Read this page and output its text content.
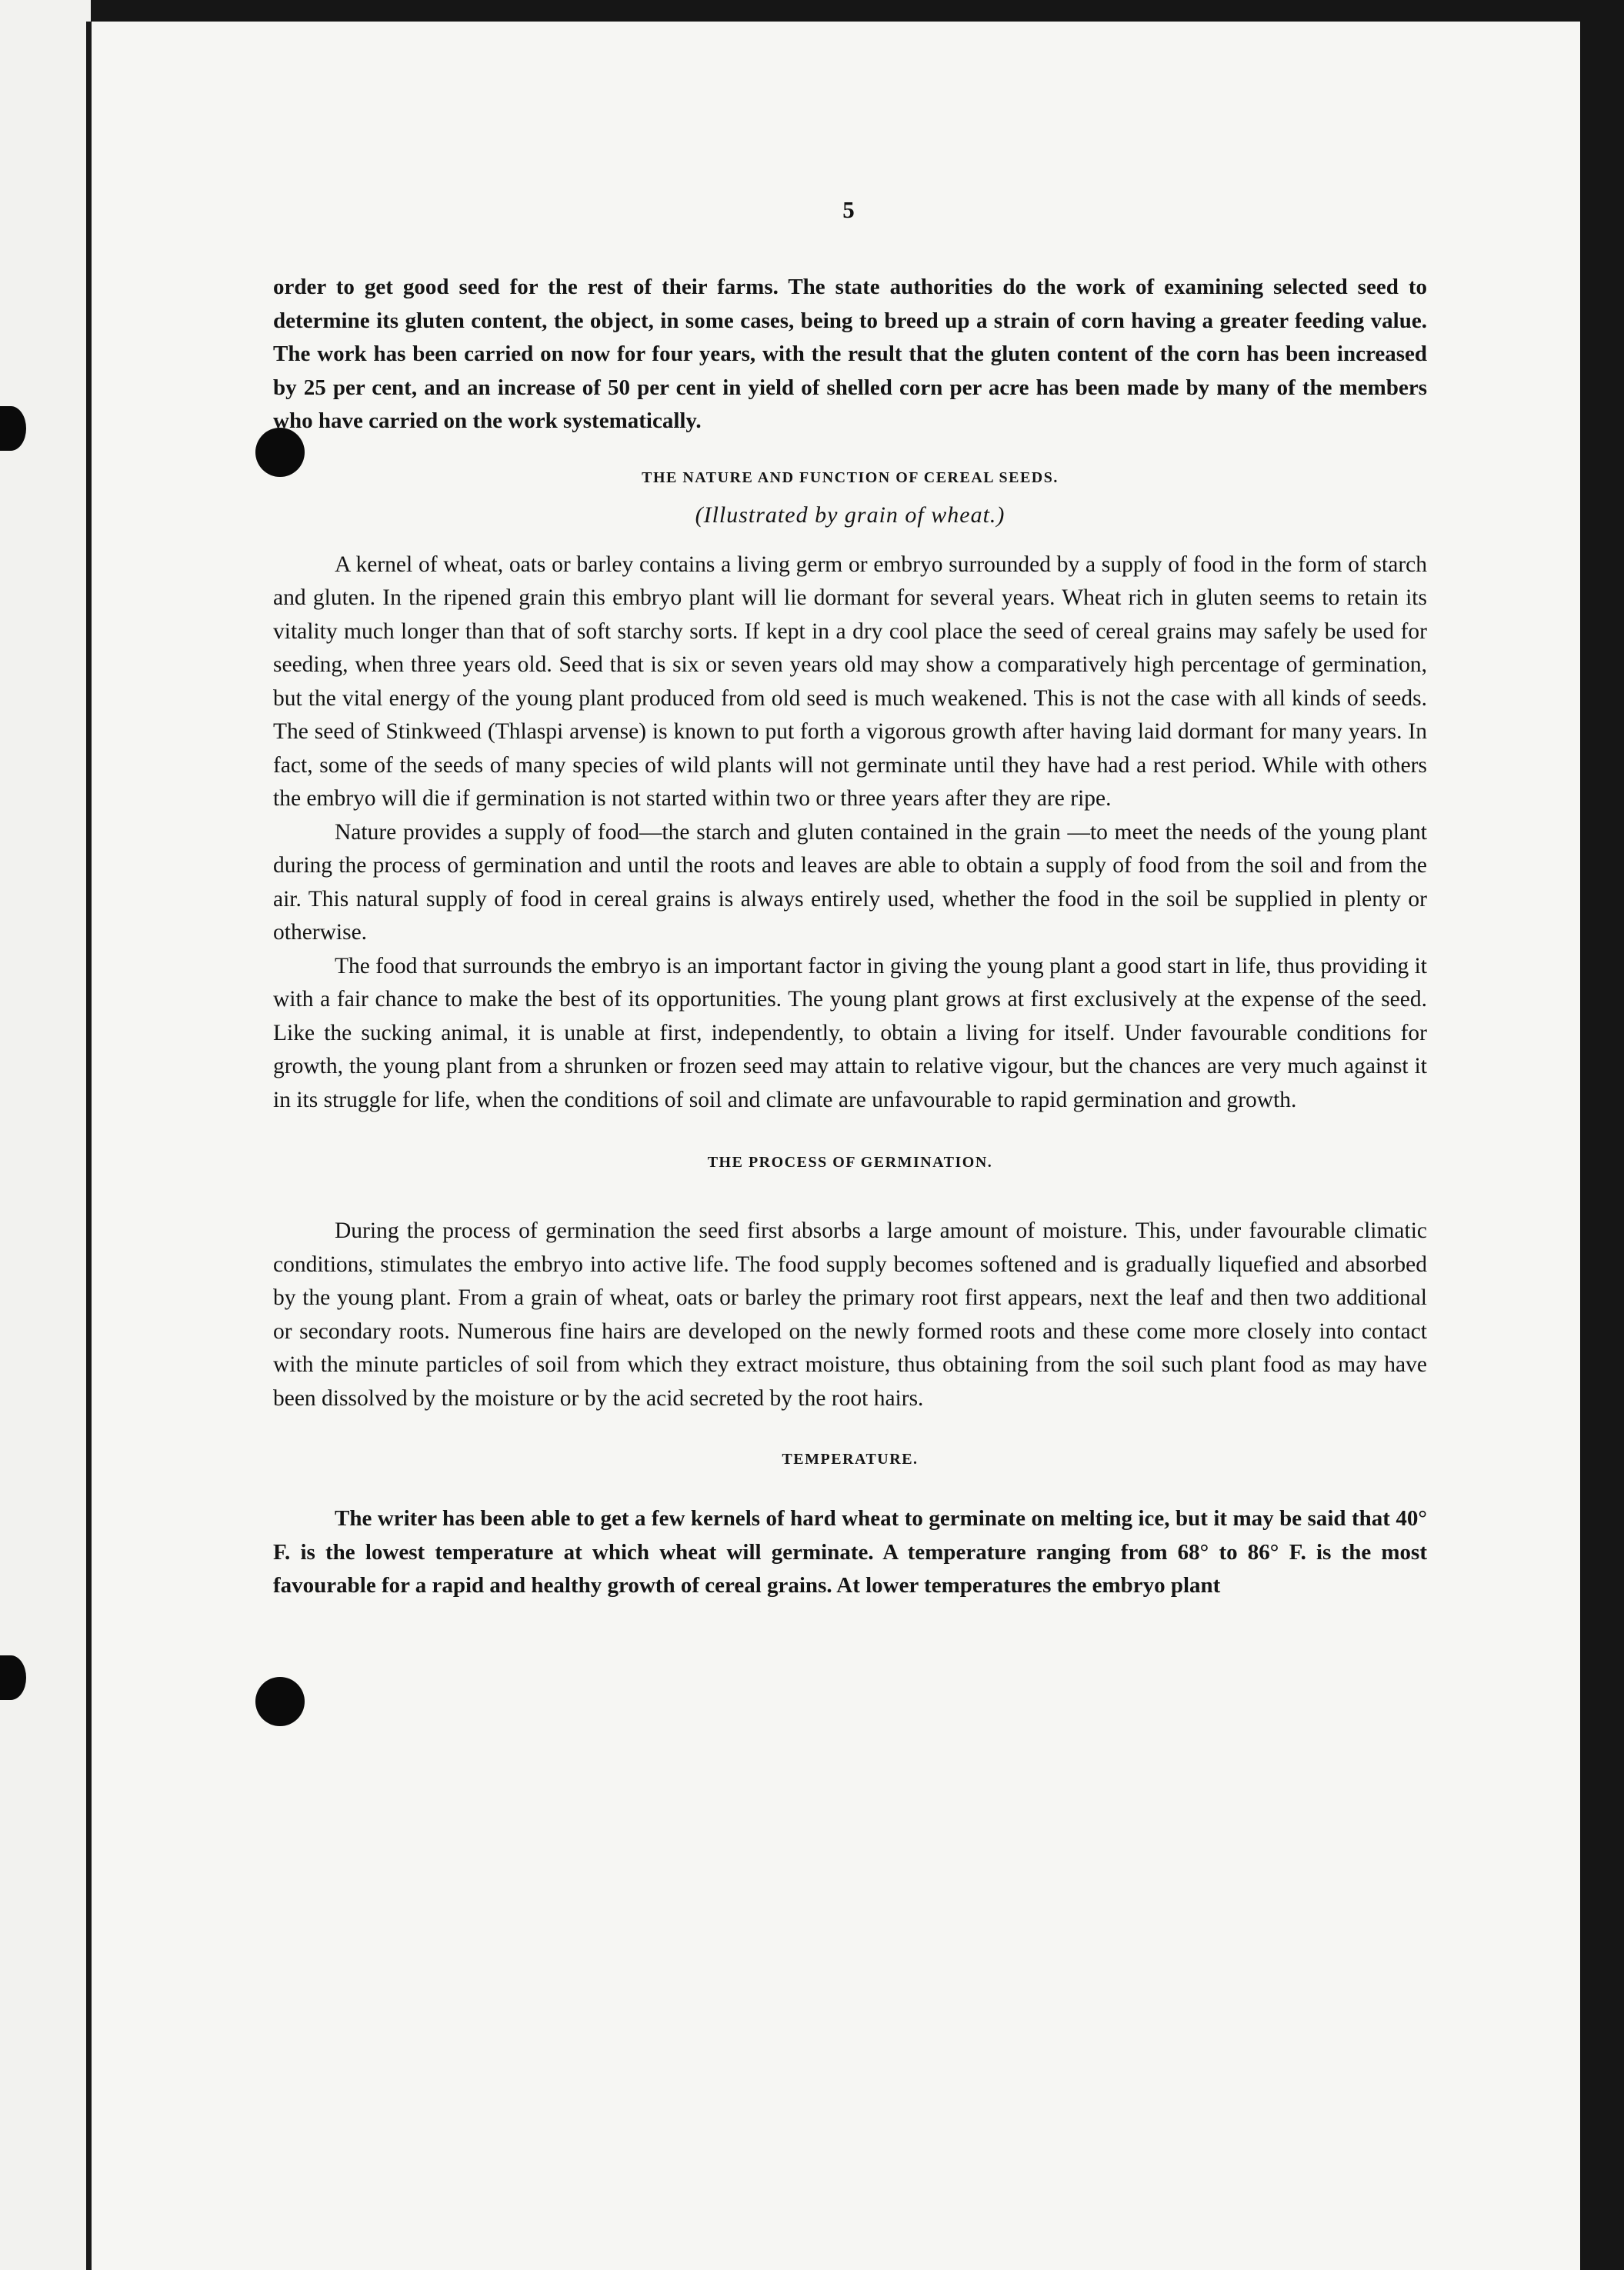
5

order to get good seed for the rest of their farms. The state authorities do the work of examining selected seed to determine its gluten content, the object, in some cases, being to breed up a strain of corn having a greater feeding value. The work has been carried on now for four years, with the result that the gluten content of the corn has been increased by 25 per cent, and an increase of 50 per cent in yield of shelled corn per acre has been made by many of the members who have carried on the work systematically.

THE NATURE AND FUNCTION OF CEREAL SEEDS.
(Illustrated by grain of wheat.)

A kernel of wheat, oats or barley contains a living germ or embryo surrounded by a supply of food in the form of starch and gluten. In the ripened grain this embryo plant will lie dormant for several years. Wheat rich in gluten seems to retain its vitality much longer than that of soft starchy sorts. If kept in a dry cool place the seed of cereal grains may safely be used for seeding, when three years old. Seed that is six or seven years old may show a comparatively high percentage of germination, but the vital energy of the young plant produced from old seed is much weakened. This is not the case with all kinds of seeds. The seed of Stinkweed (Thlaspi arvense) is known to put forth a vigorous growth after having laid dormant for many years. In fact, some of the seeds of many species of wild plants will not germinate until they have had a rest period. While with others the embryo will die if germination is not started within two or three years after they are ripe.

Nature provides a supply of food—the starch and gluten contained in the grain —to meet the needs of the young plant during the process of germination and until the roots and leaves are able to obtain a supply of food from the soil and from the air. This natural supply of food in cereal grains is always entirely used, whether the food in the soil be supplied in plenty or otherwise.

The food that surrounds the embryo is an important factor in giving the young plant a good start in life, thus providing it with a fair chance to make the best of its opportunities. The young plant grows at first exclusively at the expense of the seed. Like the sucking animal, it is unable at first, independently, to obtain a living for itself. Under favourable conditions for growth, the young plant from a shrunken or frozen seed may attain to relative vigour, but the chances are very much against it in its struggle for life, when the conditions of soil and climate are unfavourable to rapid germination and growth.

THE PROCESS OF GERMINATION.

During the process of germination the seed first absorbs a large amount of moisture. This, under favourable climatic conditions, stimulates the embryo into active life. The food supply becomes softened and is gradually liquefied and absorbed by the young plant. From a grain of wheat, oats or barley the primary root first appears, next the leaf and then two additional or secondary roots. Numerous fine hairs are developed on the newly formed roots and these come more closely into contact with the minute particles of soil from which they extract moisture, thus obtaining from the soil such plant food as may have been dissolved by the moisture or by the acid secreted by the root hairs.

TEMPERATURE.

The writer has been able to get a few kernels of hard wheat to germinate on melting ice, but it may be said that 40° F. is the lowest temperature at which wheat will germinate. A temperature ranging from 68° to 86° F. is the most favourable for a rapid and healthy growth of cereal grains. At lower temperatures the embryo plant
